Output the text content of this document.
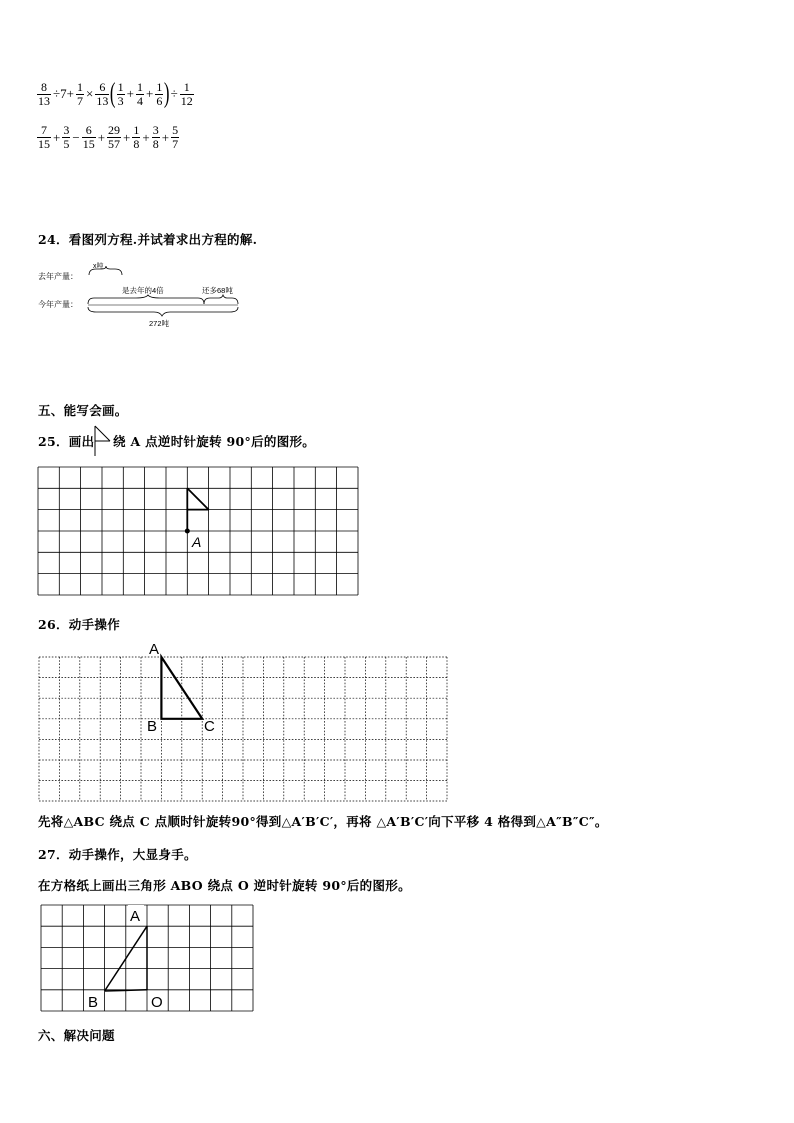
$\frac{8}{13} \div 7+ \frac{1}{7} \times \frac{6}{13}$ ( $\frac{1}{3} + \frac{1}{4} + \frac{1}{6}$ ) ÷ $\frac{1}{12}$
$\frac{7}{15} + \frac{3}{5} - \frac{6}{15} + \frac{29}{57} + \frac{1}{8} + \frac{3}{8} + \frac{5}{7}$
24．看图列方程.并试着求出方程的解.
去年产量：
x吨
今年产量：
是去年的4倍	还多68吨
272吨
五、能写会画。
25．画出 绕 A 点逆时针旋转 90°后的图形。
A
26．动手操作
A
B	C
先将△ABC 绕点 C 点顺时针旋转90°得到△A′B′C′，再将 △A′B′C′向下平移 4 格得到△A″B″C″。
27．动手操作，大显身手。
在方格纸上画出三角形 ABO 绕点 O 逆时针旋转 90°后的图形。
A
B	O
六、解决问题
